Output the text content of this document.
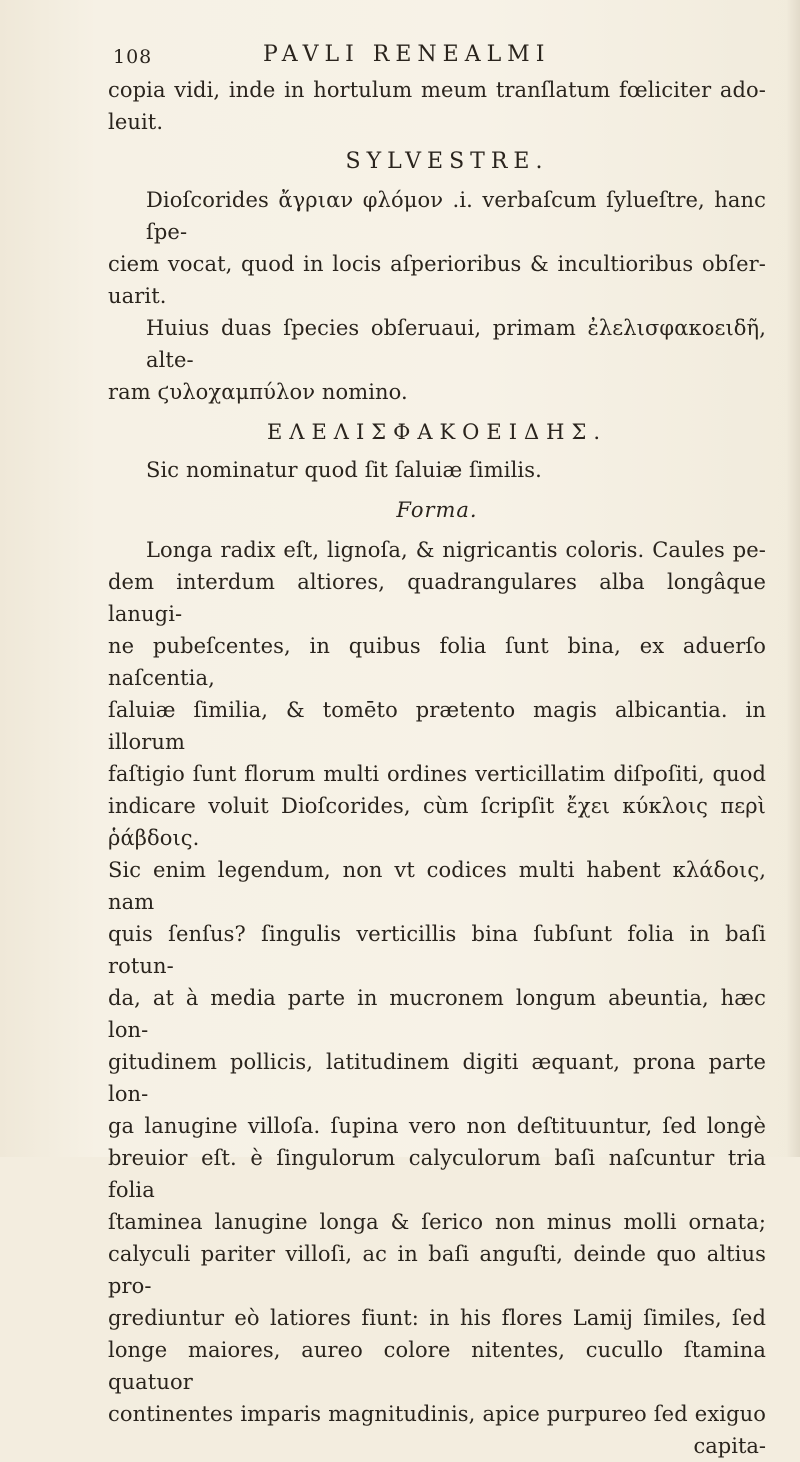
108	PAVLI RENEALMI
copia vidi, inde in hortulum meum tranſlatum fœliciter ado-
leuit.
SYLVESTRE.
Dioſcorides ἄγριαν φλόμον .i. verbaſcum ſylueſtre, hanc ſpe-
ciem vocat, quod in locis aſperioribus & incultioribus obſer-
uarit.
Huius duas ſpecies obſeruaui, primam ἐλελισφακοειδῆ, alte-
ram ϛυλοχαμπύλον nomino.
ΕΛΕΛΙΣΦΑΚΟΕΙΔΗΣ.
Sic nominatur quod ſit ſaluiæ ſimilis.
Forma.
Longa radix eſt, lignoſa, & nigricantis coloris. Caules pe-
dem interdum altiores, quadrangulares alba longâque lanugi-
ne pubeſcentes, in quibus folia ſunt bina, ex aduerſo naſcentia,
ſaluiæ ſimilia, & tomēto prætento magis albicantia. in illorum
faſtigio ſunt florum multi ordines verticillatim diſpoſiti, quod
indicare voluit Dioſcorides, cùm ſcripſit ἔχει κύκλοις περὶ ῥάβδοις.
Sic enim legendum, non vt codices multi habent κλάδοις, nam
quis ſenſus? ſingulis verticillis bina ſubſunt folia in baſi rotun-
da, at à media parte in mucronem longum abeuntia, hæc lon-
gitudinem pollicis, latitudinem digiti æquant, prona parte lon-
ga lanugine villoſa. ſupina vero non deſtituuntur, ſed longè
breuior eſt. è ſingulorum calyculorum baſi naſcuntur tria folia
ſtaminea lanugine longa & ſerico non minus molli ornata;
calyculi pariter villoſi, ac in baſi anguſti, deinde quo altius pro-
grediuntur eò latiores fiunt: in his flores Lamij ſimiles, ſed
longe maiores, aureo colore nitentes, cucullo ſtamina quatuor
continentes imparis magnitudinis, apice purpureo ſed exiguo
capita-
